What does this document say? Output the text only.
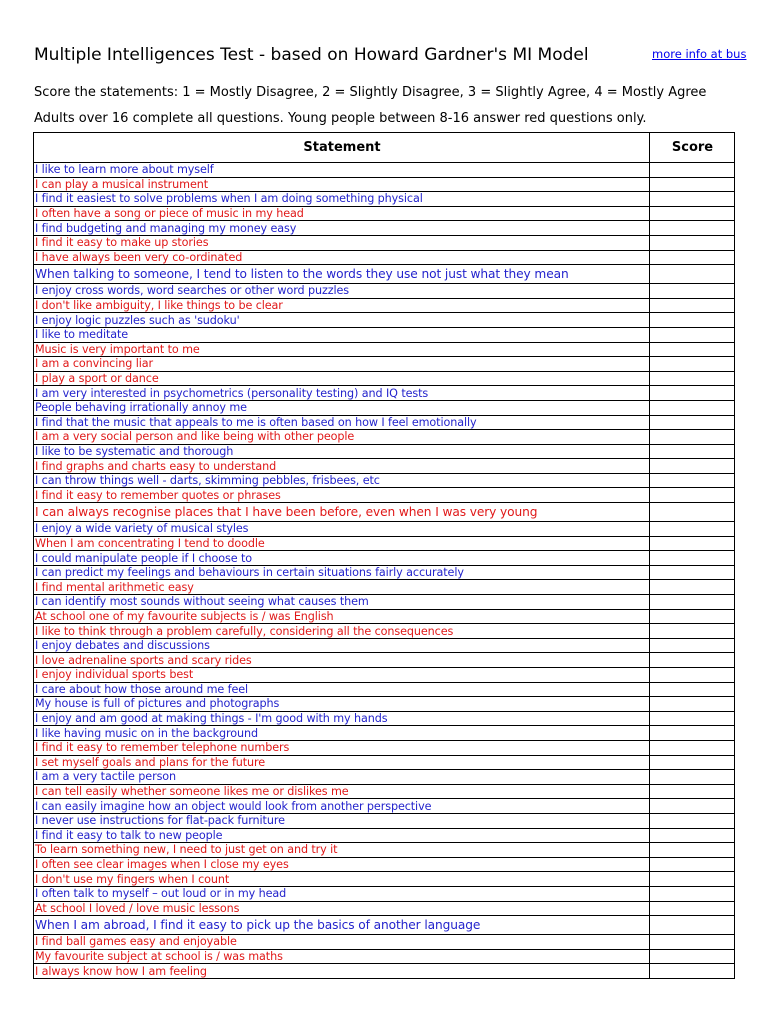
Multiple Intelligences Test - based on Howard Gardner's MI Model	more info at bus
Score the statements: 1 = Mostly Disagree, 2 = Slightly Disagree, 3 = Slightly Agree, 4 = Mostly Agree
Adults over 16 complete all questions. Young people between 8-16 answer red questions only.
Statement	Score
I like to learn more about myself	
I can play a musical instrument	
I find it easiest to solve problems when I am doing something physical	
I often have a song or piece of music in my head	
I find budgeting and managing my money easy	
I find it easy to make up stories	
I have always been very co-ordinated	
When talking to someone, I tend to listen to the words they use not just what they mean	
I enjoy cross words, word searches or other word puzzles	
I don't like ambiguity, I like things to be clear	
I enjoy logic puzzles such as 'sudoku'	
I like to meditate	
Music is very important to me	
I am a convincing liar	
I play a sport or dance	
I am very interested in psychometrics (personality testing) and IQ tests	
People behaving irrationally annoy me	
I find that the music that appeals to me is often based on how I feel emotionally	
I am a very social person and like being with other people	
I like to be systematic and thorough	
I find graphs and charts easy to understand	
I can throw things well - darts, skimming pebbles, frisbees, etc	
I find it easy to remember quotes or phrases	
I can always recognise places that I have been before, even when I was very young	
I enjoy a wide variety of musical styles	
When I am concentrating I tend to doodle	
I could manipulate people if I choose to	
I can predict my feelings and behaviours in certain situations fairly accurately	
I find mental arithmetic easy	
I can identify most sounds without seeing what causes them	
At school one of my favourite subjects is / was English	
I like to think through a problem carefully, considering all the consequences	
I enjoy debates and discussions	
I love adrenaline sports and scary rides	
I enjoy individual sports best	
I care about how those around me feel	
My house is full of pictures and photographs	
I enjoy and am good at making things - I'm good with my hands	
I like having music on in the background	
I find it easy to remember telephone numbers	
I set myself goals and plans for the future	
I am a very tactile person	
I can tell easily whether someone likes me or dislikes me	
I can easily imagine how an object would look from another perspective	
I never use instructions for flat-pack furniture	
I find it easy to talk to new people	
To learn something new, I need to just get on and try it	
I often see clear images when I close my eyes	
I don't use my fingers when I count	
I often talk to myself – out loud or in my head	
At school I loved / love music lessons	
When I am abroad, I find it easy to pick up the basics of another language	
I find ball games easy and enjoyable	
My favourite subject at school is / was maths	
I always know how I am feeling	
